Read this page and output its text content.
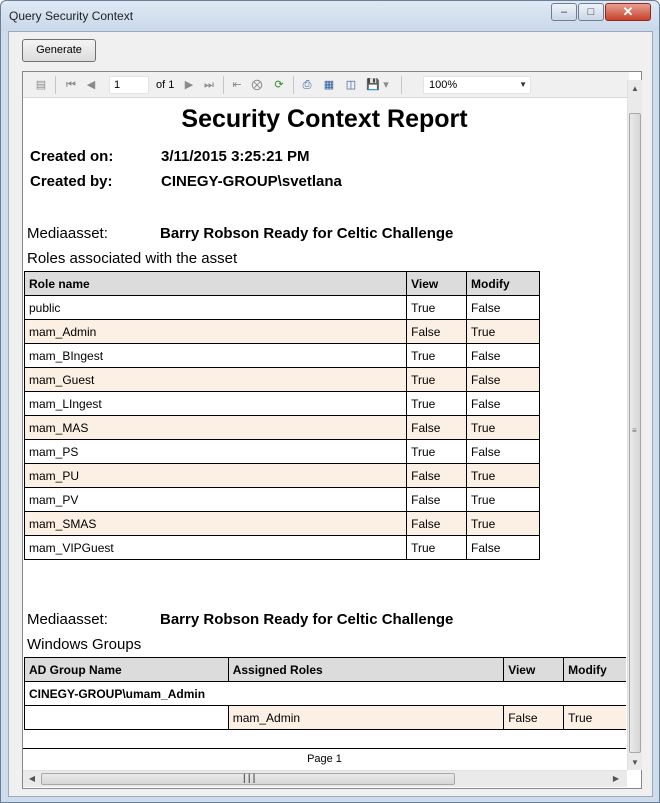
Query Security Context	–	□	✕
Generate
▤ ⏮ ◀	1	of 1 ▶ ⏭	⇤ ⨂	⟳	⎙	▦ ◫ 💾 ▾	100%	▼
Security Context Report
Created on:	3/11/2015 3:25:21 PM
Created by:	CINEGY-GROUP\svetlana
Mediaasset:	Barry Robson Ready for Celtic Challenge
Roles associated with the asset
Role name	View	Modify
public	True	False
mam_Admin	False	True
mam_BIngest	True	False
mam_Guest	True	False
mam_LIngest	True	False
mam_MAS	False	True
mam_PS	True	False
mam_PU	False	True
mam_PV	False	True
mam_SMAS	False	True
mam_VIPGuest	True	False
Mediaasset:	Barry Robson Ready for Celtic Challenge
Windows Groups
AD Group Name	Assigned Roles	View	Modify
CINEGY-GROUP\umam_Admin			
	mam_Admin	False	True
Page 1
▲
≡
▼
◀	┃┃┃	▶
